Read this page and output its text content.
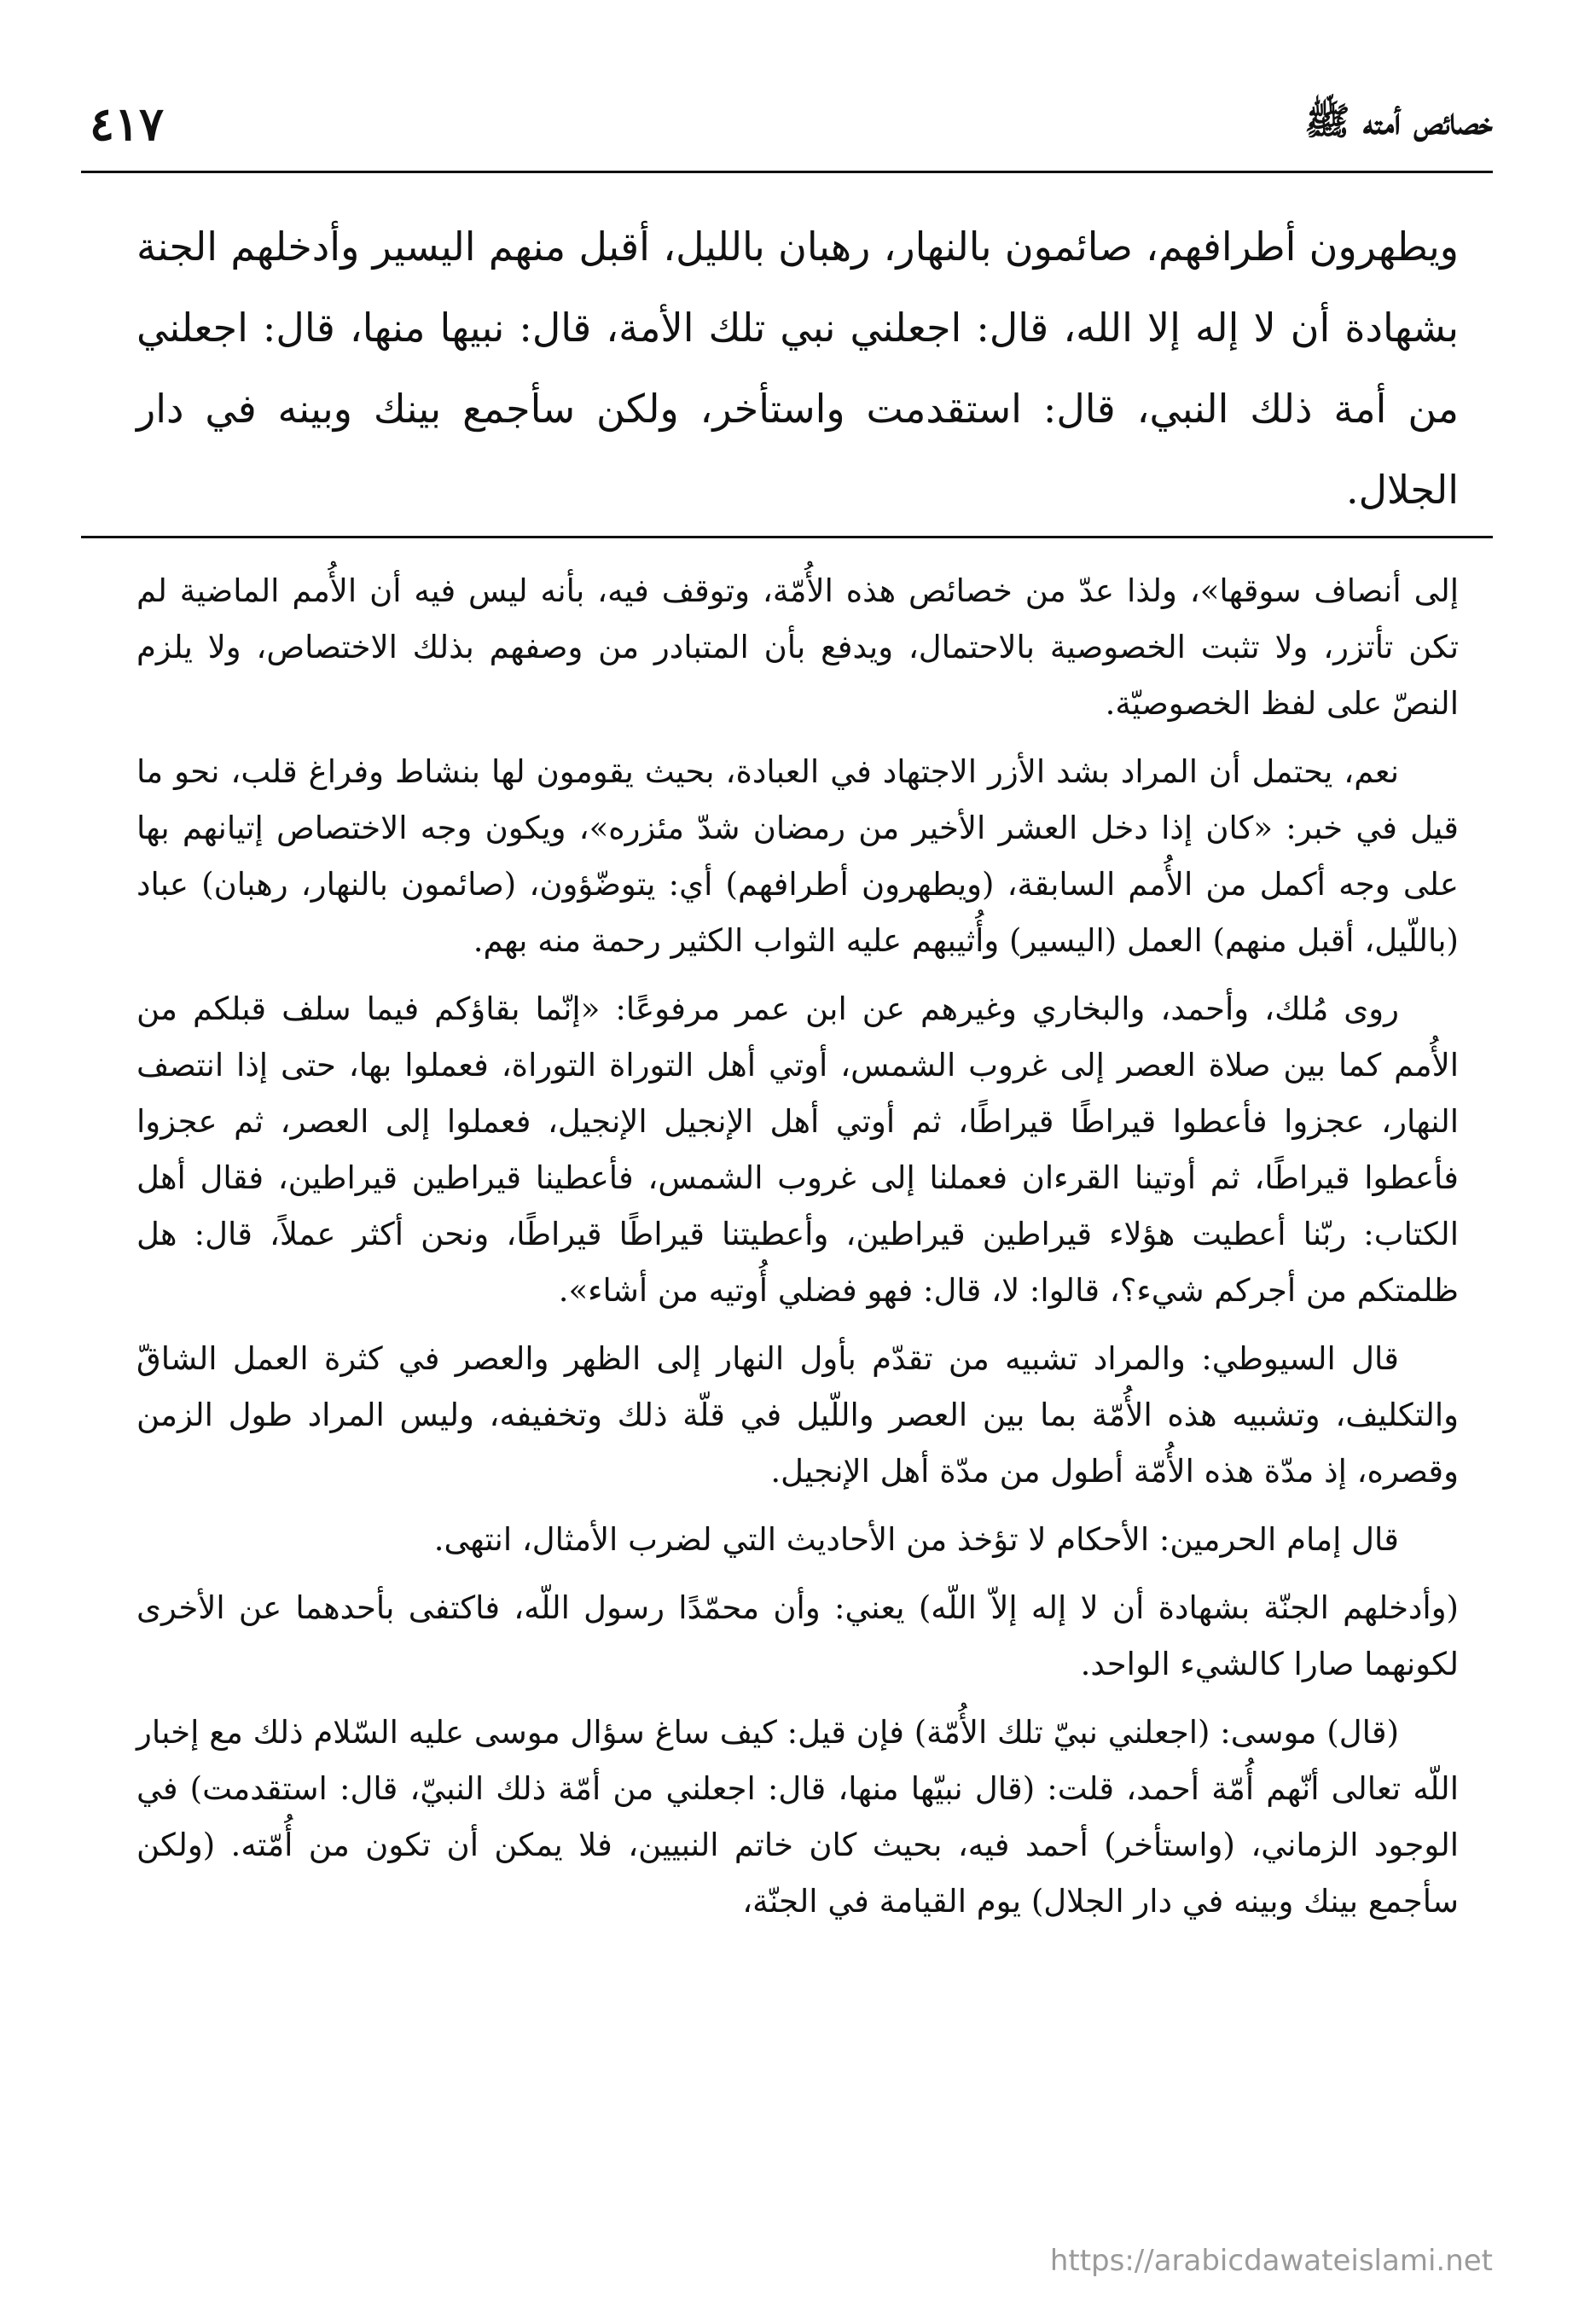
٤١٧	خصائص أمته ﷺ

ويطهرون أطرافهم، صائمون بالنهار، رهبان بالليل، أقبل منهم اليسير وأدخلهم الجنة بشهادة أن لا إله إلا الله، قال: اجعلني نبي تلك الأمة، قال: نبيها منها، قال: اجعلني من أمة ذلك النبي، قال: استقدمت واستأخر، ولكن سأجمع بينك وبينه في دار الجلال.

إلى أنصاف سوقها»، ولذا عدّ من خصائص هذه الأُمّة، وتوقف فيه، بأنه ليس فيه أن الأُمم الماضية لم تكن تأتزر، ولا تثبت الخصوصية بالاحتمال، ويدفع بأن المتبادر من وصفهم بذلك الاختصاص، ولا يلزم النصّ على لفظ الخصوصيّة.

نعم، يحتمل أن المراد بشد الأزر الاجتهاد في العبادة، بحيث يقومون لها بنشاط وفراغ قلب، نحو ما قيل في خبر: «كان إذا دخل العشر الأخير من رمضان شدّ مئزره»، ويكون وجه الاختصاص إتيانهم بها على وجه أكمل من الأُمم السابقة، (ويطهرون أطرافهم) أي: يتوضّؤون، (صائمون بالنهار، رهبان) عباد (باللّيل، أقبل منهم) العمل (اليسير) وأُثيبهم عليه الثواب الكثير رحمة منه بهم.

روى مُلك، وأحمد، والبخاري وغيرهم عن ابن عمر مرفوعًا: «إنّما بقاؤكم فيما سلف قبلكم من الأُمم كما بين صلاة العصر إلى غروب الشمس، أوتي أهل التوراة التوراة، فعملوا بها، حتى إذا انتصف النهار، عجزوا فأعطوا قيراطًا قيراطًا، ثم أوتي أهل الإنجيل الإنجيل، فعملوا إلى العصر، ثم عجزوا فأعطوا قيراطًا، ثم أوتينا القرءان فعملنا إلى غروب الشمس، فأعطينا قيراطين قيراطين، فقال أهل الكتاب: ربّنا أعطيت هؤلاء قيراطين قيراطين، وأعطيتنا قيراطًا قيراطًا، ونحن أكثر عملاً، قال: هل ظلمتكم من أجركم شيء؟، قالوا: لا، قال: فهو فضلي أُوتيه من أشاء».

قال السيوطي: والمراد تشبيه من تقدّم بأول النهار إلى الظهر والعصر في كثرة العمل الشاقّ والتكليف، وتشبيه هذه الأُمّة بما بين العصر واللّيل في قلّة ذلك وتخفيفه، وليس المراد طول الزمن وقصره، إذ مدّة هذه الأُمّة أطول من مدّة أهل الإنجيل.

قال إمام الحرمين: الأحكام لا تؤخذ من الأحاديث التي لضرب الأمثال، انتهى.

(وأدخلهم الجنّة بشهادة أن لا إله إلاّ اللّه) يعني: وأن محمّدًا رسول اللّه، فاكتفى بأحدهما عن الأخرى لكونهما صارا كالشيء الواحد.

(قال) موسى: (اجعلني نبيّ تلك الأُمّة) فإن قيل: كيف ساغ سؤال موسى عليه السّلام ذلك مع إخبار اللّه تعالى أنّهم أُمّة أحمد، قلت: (قال نبيّها منها، قال: اجعلني من أمّة ذلك النبيّ، قال: استقدمت) في الوجود الزماني، (واستأخر) أحمد فيه، بحيث كان خاتم النبيين، فلا يمكن أن تكون من أُمّته. (ولكن سأجمع بينك وبينه في دار الجلال) يوم القيامة في الجنّة،

https://arabicdawateislami.net
